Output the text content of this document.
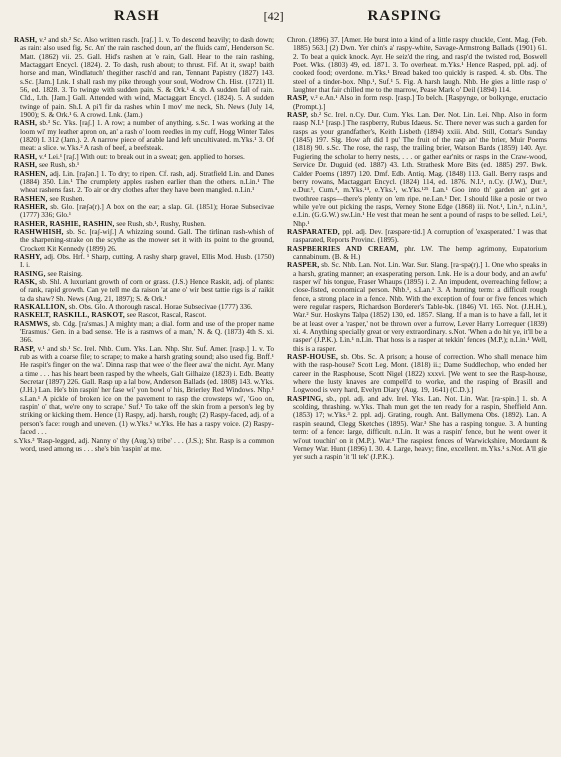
RASH	[42]	RASPING

RASH, v.² and sb.² Sc. Also written rasch. [raʃ.] 1. v. To descend heavily; to dash down; as rain: also used fig. Sc. An' the rain rasched doun, an' the fluids cam', Henderson Sc. Matt. (1862) vii. 25. Gall. Hid's rashen at 'e rain, Gall. Hear to the rain rashing, Mactaggart Encycl. (1824). 2. To dash, rush about; to thrust. Fif. At it, swap! baith horse and man, Windlatuch' thegither rasch'd and ran, Tennant Papistry (1827) 143. s.Sc. [Jam.] Lnk. I shall rash my pike through your soul, Wodrow Ch. Hist. (1721) II. 56, ed. 1828. 3. To twinge with sudden pain. S. & Ork.¹ 4. sb. A sudden fall of rain. Cld., Lth. [Jam.] Gall. Attended with wind, Mactaggart Encycl. (1824). 5. A sudden twinge of pain. Sh.I. A pi'l fir da rashes whin I mov' me neck, Sh. News (July 14, 1900); S. & Ork.¹ 6. A crowd. Lnk. (Jam.)

RASH, sb.³ Sc. Yks. [raʃ.] 1. A row; a number of anything. s.Sc. I was working at the loom wi' my leather apron on, an' a rash o' loom reedles in my cuff, Hogg Winter Tales (1820) I. 312 (Jam.). 2. A narrow piece of arable land left uncultivated. m.Yks.¹ 3. Of meat: a slice. w.Yks.² A rash of beef, a beefsteak.

RASH, v.⁴ Lei.¹ [raʃ.] With out: to break out in a sweat; gen. applied to horses.

RASH, see Rush, sb.¹

RASHEN, adj. Lin. [raʃən.] 1. To dry; to ripen. Cf. rash, adj. Stratfield Lin. and Danes (1884) 350. Lin.¹ The crumplety apples rashen earlier than the others. n.Lin.¹ The wheat rashens fast. 2. To air or dry clothes after they have been mangled. n.Lin.¹

RASHEN, see Rushen.

RASHER, sb. Glo. [ræʃə(r).] A box on the ear; a slap. Gl. (1851); Horae Subsecivae (1777) 336; Glo.¹

RASHER, RASHIE, RASHIN, see Rush, sb.¹, Rushy, Rushen.

RASHWHISH, sb. Sc. [raʃ-wiʃ.] A whizzing sound. Gall. The tirlinan rash-whish of the sharpening-strake on the scythe as the mower set it with its point to the ground, Crockett Kit Kennedy (1899) 26.

RASHY, adj. Obs. Hrf. ¹ Sharp, cutting. A rashy sharp gravel, Ellis Mod. Husb. (1750) I. i.

RASING, see Raising.

RASK, sb. Shl. A luxuriant growth of corn or grass. (J.S.) Hence Raskit, adj. of plants: of rank, rapid growth. Can ye tell me da raison 'at ane o' wir best tattie rigs is a' raikit ta da shaw? Sh. News (Aug. 21, 1897); S. & Ork.¹

RASKALLION, sb. Obs. Glo. A thorough rascal. Horae Subsecivae (1777) 336.

RASKELT, RASKILL, RASKOT, see Rascot, Rascal, Rascot.

RASMWS, sb. Cdg. [ra'smas.] A mighty man; a dial. form and use of the proper name 'Erasmus.' Gen. in a bad sense. 'He is a rasmws of a man,' N. & Q. (1873) 4th S. xi. 366.

RASP, v.¹ and sb.¹ Sc. Irel. Nhb. Cum. Yks. Lan. Nhp. Shr. Suf. Amer. [rasp.] 1. v. To rub as with a coarse file; to scrape; to make a harsh grating sound; also used fig. Bnff.¹ He raspit's finger on the wa'. Dinna rasp that wee o' the fleer awa' the nicht. Ayr. Many a time . . . has his heart been rasped by the wheels, Galt Gilhaize (1823) i. Edb. Beatty Secretar (1897) 226. Gall. Rasp up a lal bow, Anderson Ballads (ed. 1808) 143. w.Yks. (J.H.) Lan. He's bin raspin' her fase wi' yon bowl o' his, Brierley Red Windows. Nhp.¹ s.Lan.¹ A pickle of broken ice on the pavement to rasp the crowsteps wi', 'Goo on, raspin' o' that, we're ony to scrape.' Suf.¹ To take off the skin from a person's leg by striking or kicking them. Hence (1) Raspy, adj. harsh, rough; (2) Raspy-faced, adj. of a person's face: rough and uneven. (1) w.Yks.¹ w.Yks. He has a raspy voice. (2) Raspy-faced . . .

s.Yks.³ 'Rasp-legged, adj. Nanny o' thy (Aug.'s) tribe' . . . (J.S.); Shr. Rasp is a common word, used among us . . . she's bin 'raspin' at me.

Chron. (1896) 37. [Amer. He burst into a kind of a little raspy chuckle, Cent. Mag. (Feb. 1885) 563.] (2) Dwn. Yer chin's a' raspy-white, Savage-Armstrong Ballads (1901) 61. 2. To beat a quick knock. Ayr. He seiz'd the ring, and rasp'd the twisted rod, Boswell Poet. Wks. (1803) 49, ed. 1871. 3. To overheat. m.Yks.¹ Hence Rasped, ppl. adj. of cooked food; overdone. m.Yks.¹ Bread baked too quickly is rasped. 4. sb. Obs. The steel of a tinder-box. Nhp.¹, Suf.¹ 5. Fig. A harsh laugh. Nhb. He gies a little rasp o' laughter that fair chilled me to the marrow, Pease Mark o' Deil (1894) 114.

RASP, v.² e.An.¹ Also in form resp. [rasp.] To belch. [Raspynge, or bolkynge, eructacio (Prompt.).]

RASP, sb.² Sc. Irel. n.Cy. Dur. Cum. Yks. Lan. Der. Not. Lin. Lei. Nhp. Also in form raasp N.I.¹ [rasp.] The raspberry, Rubus Idaeus. Sc. There never was such a garden for rasps as your grandfather's, Keith Lisbeth (1894) xxiii. Abd. Still, Cottar's Sunday (1845) 197. Slg. How aft did I pu' The fruit of the rasp an' the brier, Muir Poems (1818) 90. s.Sc. The rose, the rasp, the trailing brier, Watson Bards (1859) 140. Ayr. Fugiering the scholar to herry nests, . . . or gather ear'nits or rasps in the Craw-wood, Service Dr. Duguid (ed. 1887) 43. Lth. Strathesk More Bits (ed. 1885) 297. Bwk. Calder Poems (1897) 120. Dmf. Edb. Antiq. Mag. (1848) 113. Gall. Berry rasps and berry rowans, Mactaggart Encycl. (1824) 114, ed. 1876. N.I.¹, n.Cy. (J.W.), Dur.¹, e.Dur.¹, Cum.⁴, m.Yks.¹⁴, e.Yks.¹, w.Yks.¹²⁵ Lan.¹ Goo into th' garden an' get a twothree rasps—there's plenty on 'em ripe. ne.Lan.¹ Der. I should like a posie or two while ye're out picking the rasps, Verney Stone Edge (1868) iii. Not.¹, Lin.¹, n.Lin.¹, e.Lin. (G.G.W.) sw.Lin.¹ He vest that mean he sent a pound of rasps to be selled. Lei.¹, Nhp.¹

RASPARATED, ppl. adj. Dev. [ræspəre·tid.] A corruption of 'exasperated.' I was that rasparated, Reports Provinc. (1895).

RASPBERRIES AND CREAM, phr. LW. The hemp agrimony, Eupatorium cannabinum. (B. & H.)

RASPER, sb. Sc. Nhb. Lan. Not. Lin. War. Sur. Slang. [ra·spə(r).] 1. One who speaks in a harsh, grating manner; an exasperating person. Lnk. He is a dour body, and an awfu' rasper wi' his tongue, Fraser Whaups (1895) i. 2. An impudent, overreaching fellow; a close-fisted, economical person. Nhb.¹, s.Lan.¹ 3. A hunting term: a difficult rough fence, a strong place in a fence. Nhb. With the exception of four or five fences which were regular raspers, Richardson Borderer's Table-bk. (1846) VI. 165. Not. (J.H.H.), War.² Sur. Hoskyns Talpa (1852) 130, ed. 1857. Slang. If a man is to have a fall, let it be at least over a 'rasper,' not be thrown over a furrow, Lever Harry Lorrequer (1839) xi. 4. Anything specially great or very extraordinary. s.Not. 'When a do hit ye, it'll be a rasper' (J.P.K.). Lin.¹ n.Lin. That hoss is a rasper at tekkin' fences (M.P.); n.Lin.¹ Well, this is a rasper.

RASP-HOUSE, sb. Obs. Sc. A prison; a house of correction. Who shall menace him with the rasp-house? Scott Leg. Mont. (1818) ii.; Dame Suddlechop, who ended her career in the Rasphouse, Scott Nigel (1822) xxxvi. [We went to see the Rasp-house, where the lusty knaves are compell'd to worke, and the rasping of Brasill and Logwood is very hard, Evelyn Diary (Aug. 19, 1641) (C.D.).]

RASPING, sb., ppl. adj. and adv. Irel. Yks. Lan. Not. Lin. War. [ra·spin.] 1. sb. A scolding, thrashing. w.Yks. Thah mun get the ten ready for a raspin, Sheffield Ann. (1853) 17; w.Yks.³ 2. ppl. adj. Grating, rough. Ant. Ballymena Obs. (1892). Lan. A raspin seaund, Clegg Sketches (1895). War.³ She has a rasping tongue. 3. A hunting term: of a fence: large, difficult. n.Lin. It was a raspin' fence, but he went ower it wi'out touchin' on it (M.P.). War.³ The raspiest fences of Warwickshire, Mordaunt & Verney War. Hunt (1896) I. 30. 4. Large, heavy; fine, excellent. m.Yks.¹ s.Not. A'll gie yer such a raspin 'it 'll tek' (J.P.K.).
